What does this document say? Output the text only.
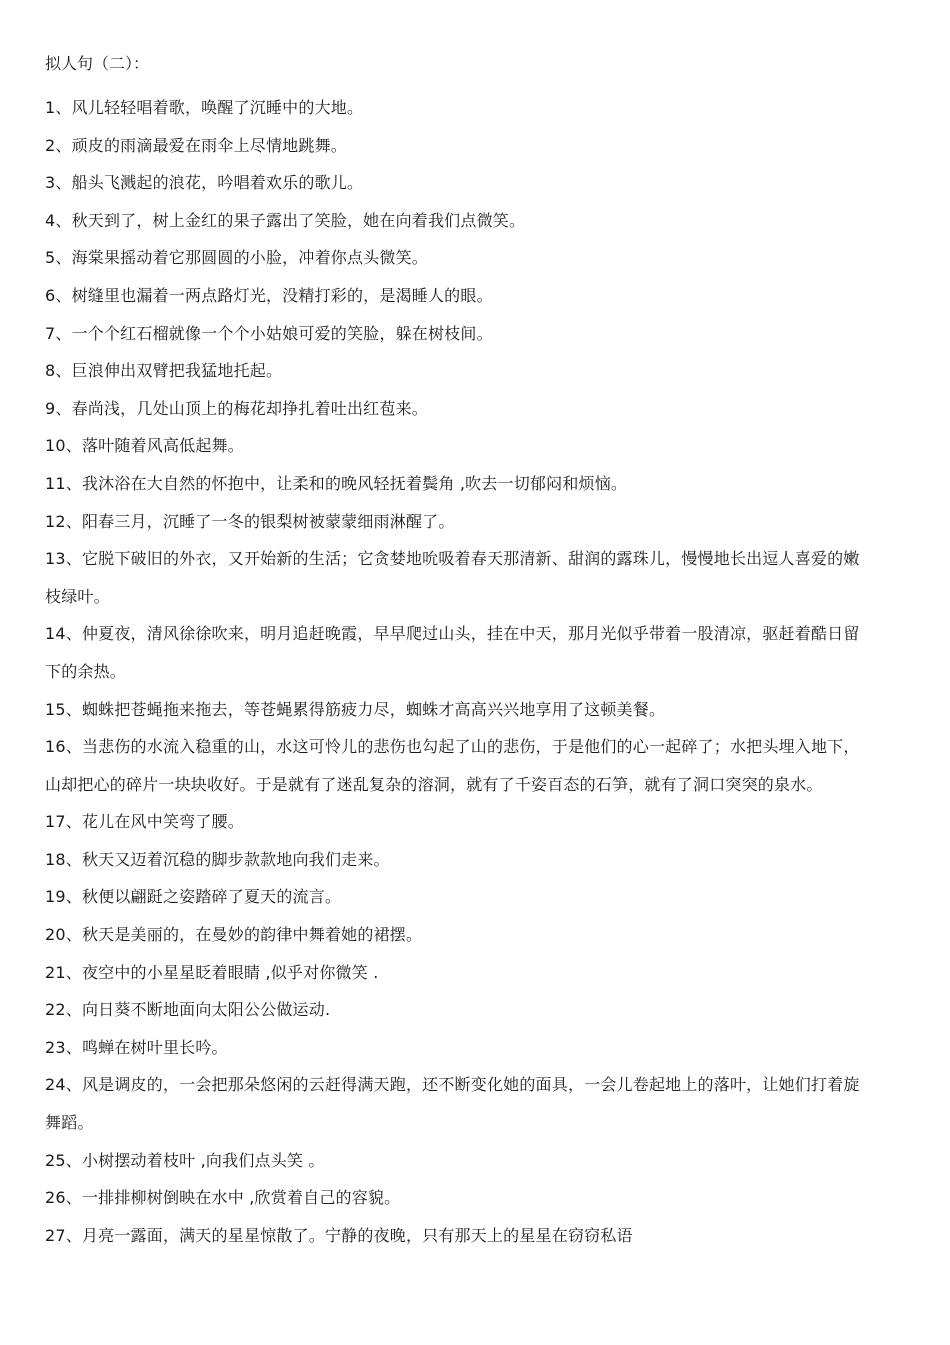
拟人句（二）：
1、风儿轻轻唱着歌，唤醒了沉睡中的大地。
2、顽皮的雨滴最爱在雨伞上尽情地跳舞。
3、船头飞溅起的浪花，吟唱着欢乐的歌儿。
4、秋天到了，树上金红的果子露出了笑脸，她在向着我们点微笑。
5、海棠果摇动着它那圆圆的小脸，冲着你点头微笑。
6、树缝里也漏着一两点路灯光，没精打彩的，是渴睡人的眼。
7、一个个红石榴就像一个个小姑娘可爱的笑脸，躲在树枝间。
8、巨浪伸出双臂把我猛地托起。
9、春尚浅，几处山顶上的梅花却挣扎着吐出红苞来。
10、落叶随着风高低起舞。
11、我沐浴在大自然的怀抱中，让柔和的晚风轻抚着鬓角 ,吹去一切郁闷和烦恼。
12、阳春三月，沉睡了一冬的银梨树被蒙蒙细雨淋醒了。
13、它脱下破旧的外衣，又开始新的生活；它贪婪地吮吸着春天那清新、甜润的露珠儿，慢慢地长出逗人喜爱的嫩枝绿叶。
14、仲夏夜，清风徐徐吹来，明月追赶晚霞，早早爬过山头，挂在中天，那月光似乎带着一股清凉，驱赶着酷日留下的余热。
15、蜘蛛把苍蝇拖来拖去，等苍蝇累得筋疲力尽，蜘蛛才高高兴兴地享用了这顿美餐。
16、当悲伤的水流入稳重的山，水这可怜儿的悲伤也勾起了山的悲伤，于是他们的心一起碎了；水把头埋入地下，山却把心的碎片一块块收好。于是就有了迷乱复杂的溶洞，就有了千姿百态的石笋，就有了洞口突突的泉水。
17、花儿在风中笑弯了腰。
18、秋天又迈着沉稳的脚步款款地向我们走来。
19、秋便以翩跹之姿踏碎了夏天的流言。
20、秋天是美丽的，在曼妙的韵律中舞着她的裙摆。
21、夜空中的小星星眨着眼睛 ,似乎对你微笑 .
22、向日葵不断地面向太阳公公做运动.
23、鸣蝉在树叶里长吟。
24、风是调皮的，一会把那朵悠闲的云赶得满天跑，还不断变化她的面具，一会儿卷起地上的落叶，让她们打着旋舞蹈。
25、小树摆动着枝叶 ,向我们点头笑 。
26、一排排柳树倒映在水中 ,欣赏着自己的容貌。
27、月亮一露面，满天的星星惊散了。宁静的夜晚，只有那天上的星星在窃窃私语
